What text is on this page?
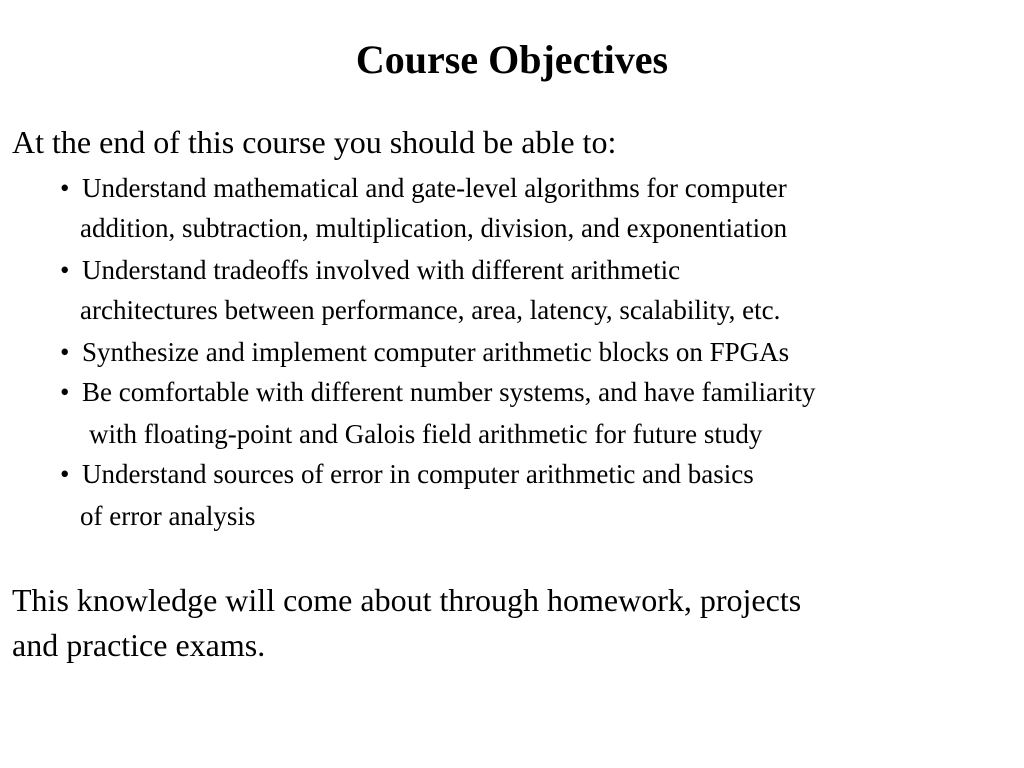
Course Objectives

At the end of this course you should be able to:

• Understand mathematical and gate-level algorithms for computer
addition, subtraction, multiplication, division, and exponentiation
• Understand tradeoffs involved with different arithmetic
architectures between performance, area, latency, scalability, etc.
• Synthesize and implement computer arithmetic blocks on FPGAs
• Be comfortable with different number systems, and have familiarity
with floating-point and Galois field arithmetic for future study
• Understand sources of error in computer arithmetic and basics
of error analysis

This knowledge will come about through homework, projects
and practice exams.
